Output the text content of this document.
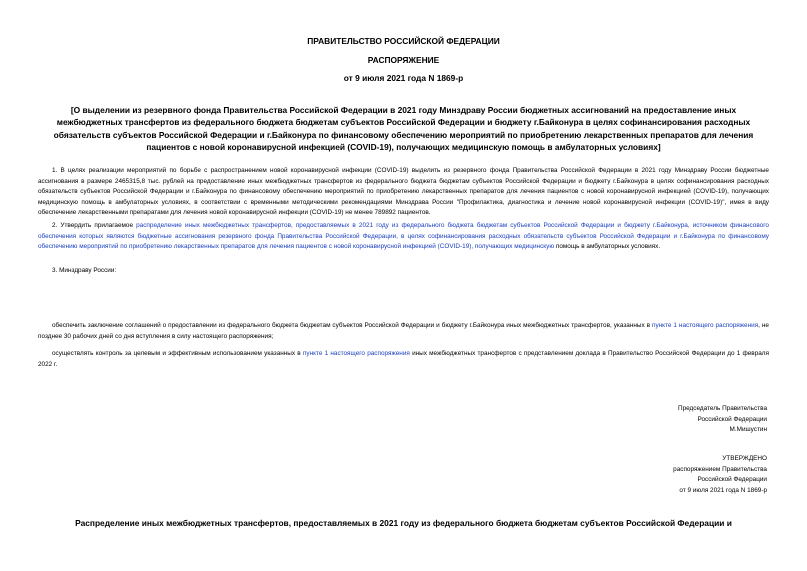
ПРАВИТЕЛЬСТВО РОССИЙСКОЙ ФЕДЕРАЦИИ
РАСПОРЯЖЕНИЕ
от 9 июля 2021 года N 1869-р
[О выделении из резервного фонда Правительства Российской Федерации в 2021 году Минздраву России бюджетных ассигнований на предоставление иных межбюджетных трансфертов из федерального бюджета бюджетам субъектов Российской Федерации и бюджету г.Байконура в целях софинансирования расходных обязательств субъектов Российской Федерации и г.Байконура по финансовому обеспечению мероприятий по приобретению лекарственных препаратов для лечения пациентов с новой коронавирусной инфекцией (COVID-19), получающих медицинскую помощь в амбулаторных условиях]
1. В целях реализации мероприятий по борьбе с распространением новой коронавирусной инфекции (COVID-19) выделить из резервного фонда Правительства Российской Федерации в 2021 году Минздраву России бюджетные ассигнования в размере 2465315,8 тыс. рублей на предоставление иных межбюджетных трансфертов из федерального бюджета бюджетам субъектов Российской Федерации и бюджету г.Байконура в целях софинансирования расходных обязательств субъектов Российской Федерации и г.Байконура по финансовому обеспечению мероприятий по приобретению лекарственных препаратов для лечения пациентов с новой коронавирусной инфекцией (COVID-19), получающих медицинскую помощь в амбулаторных условиях, в соответствии с временными методическими рекомендациями Минздрава России "Профилактика, диагностика и лечение новой коронавирусной инфекции (COVID-19)", имея в виду обеспечение лекарственными препаратами для лечения новой коронавирусной инфекции (COVID-19) не менее 789892 пациентов.
2. Утвердить прилагаемое распределение иных межбюджетных трансфертов, предоставляемых в 2021 году из федерального бюджета бюджетам субъектов Российской Федерации и бюджету г.Байконура, источником финансового обеспечения которых являются бюджетные ассигнования резервного фонда Правительства Российской Федерации, в целях софинансирования расходных обязательств субъектов Российской Федерации и г.Байконура по финансовому обеспечению мероприятий по приобретению лекарственных препаратов для лечения пациентов с новой коронавирусной инфекцией (COVID-19), получающих медицинскую помощь в амбулаторных условиях.
3. Минздраву России:
обеспечить заключение соглашений о предоставлении из федерального бюджета бюджетам субъектов Российской Федерации и бюджету г.Байконура иных межбюджетных трансфертов, указанных в пункте 1 настоящего распоряжения, не позднее 30 рабочих дней со дня вступления в силу настоящего распоряжения;
осуществлять контроль за целевым и эффективным использованием указанных в пункте 1 настоящего распоряжения иных межбюджетных трансфертов с представлением доклада в Правительство Российской Федерации до 1 февраля 2022 г.
Председатель Правительства
Российской Федерации
М.Мишустин
УТВЕРЖДЕНО
распоряжением Правительства
Российской Федерации
от 9 июля 2021 года N 1869-р
Распределение иных межбюджетных трансфертов, предоставляемых в 2021 году из федерального бюджета бюджетам субъектов Российской Федерации и
